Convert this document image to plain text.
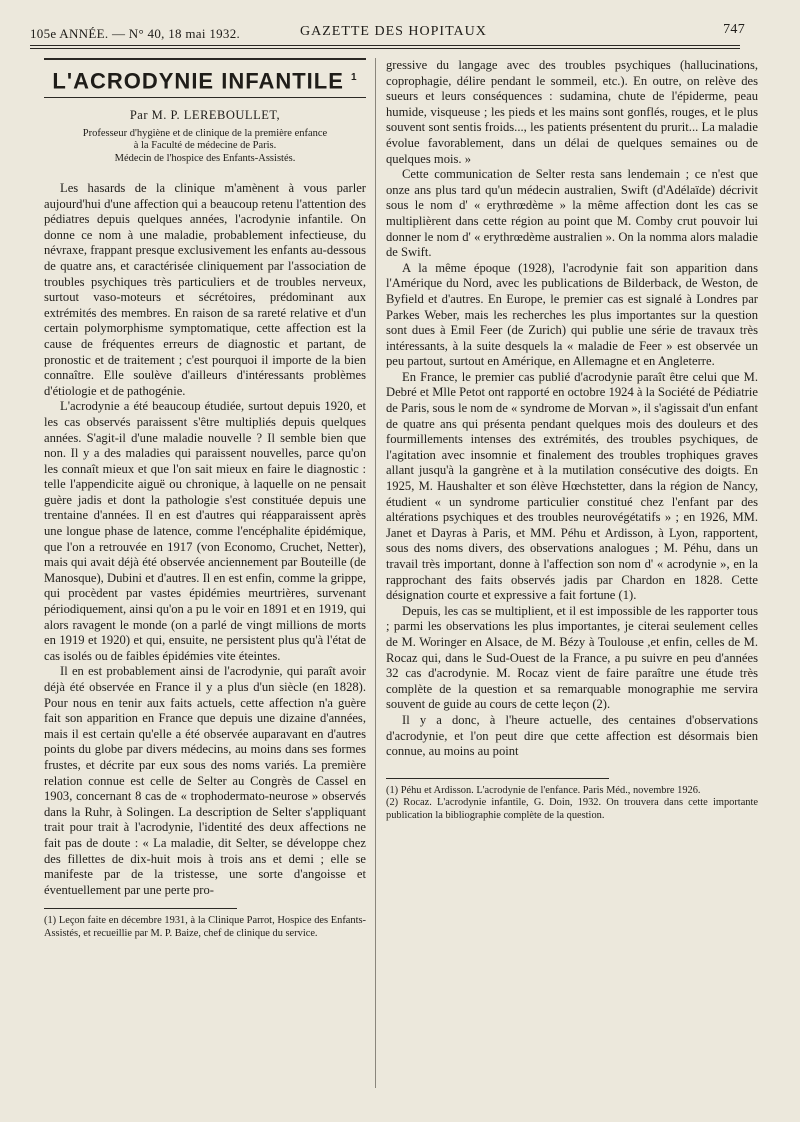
105e ANNÉE. — N° 40, 18 mai 1932.	GAZETTE DES HOPITAUX	747
L'ACRODYNIE INFANTILE $^1$
Par M. P. LEREBOULLET,
Professeur d'hygiène et de clinique de la première enfance
à la Faculté de médecine de Paris.
Médecin de l'hospice des Enfants-Assistés.

Les hasards de la clinique m'amènent à vous parler aujourd'hui d'une affection qui a beaucoup retenu l'attention des pédiatres depuis quelques années, l'acrodynie infantile. On donne ce nom à une maladie, probablement infectieuse, du névraxe, frappant presque exclusivement les enfants au-dessous de quatre ans, et caractérisée cliniquement par l'association de troubles psychiques très particuliers et de troubles nerveux, surtout vaso-moteurs et sécrétoires, prédominant aux extrémités des membres. En raison de sa rareté relative et d'un certain polymorphisme symptomatique, cette affection est la cause de fréquentes erreurs de diagnostic et partant, de pronostic et de traitement ; c'est pourquoi il importe de la bien connaître. Elle soulève d'ailleurs d'intéressants problèmes d'étiologie et de pathogénie.

L'acrodynie a été beaucoup étudiée, surtout depuis 1920, et les cas observés paraissent s'être multipliés depuis quelques années. S'agit-il d'une maladie nouvelle ? Il semble bien que non. Il y a des maladies qui paraissent nouvelles, parce qu'on les connaît mieux et que l'on sait mieux en faire le diagnostic : telle l'appendicite aiguë ou chronique, à laquelle on ne pensait guère jadis et dont la pathologie s'est constituée depuis une trentaine d'années. Il en est d'autres qui réapparaissent après une longue phase de latence, comme l'encéphalite épidémique, que l'on a retrouvée en 1917 (von Economo, Cruchet, Netter), mais qui avait déjà été observée anciennement par Bouteille (de Manosque), Dubini et d'autres. Il en est enfin, comme la grippe, qui procèdent par vastes épidémies meurtrières, survenant périodiquement, ainsi qu'on a pu le voir en 1891 et en 1919, qui alors ravagent le monde (on a parlé de vingt millions de morts en 1919 et 1920) et qui, ensuite, ne persistent plus qu'à l'état de cas isolés ou de faibles épidémies vite éteintes.

Il en est probablement ainsi de l'acrodynie, qui paraît avoir déjà été observée en France il y a plus d'un siècle (en 1828). Pour nous en tenir aux faits actuels, cette affection n'a guère fait son apparition en France que depuis une dizaine d'années, mais il est certain qu'elle a été observée auparavant en d'autres points du globe par divers médecins, au moins dans ses formes frustes, et décrite par eux sous des noms variés. La première relation connue est celle de Selter au Congrès de Cassel en 1903, concernant 8 cas de « trophodermato-neurose » observés dans la Ruhr, à Solingen. La description de Selter s'appliquant trait pour trait à l'acrodynie, l'identité des deux affections ne fait pas de doute : « La maladie, dit Selter, se développe chez des fillettes de dix-huit mois à trois ans et demi ; elle se manifeste par de la tristesse, une sorte d'angoisse et éventuellement par une perte pro-

(1) Leçon faite en décembre 1931, à la Clinique Parrot, Hospice des Enfants-Assistés, et recueillie par M. P. Baize, chef de clinique du service.

gressive du langage avec des troubles psychiques (hallucinations, coprophagie, délire pendant le sommeil, etc.). En outre, on relève des sueurs et leurs conséquences : sudamina, chute de l'épiderme, peau humide, visqueuse ; les pieds et les mains sont gonflés, rouges, et le plus souvent sont sentis froids..., les patients présentent du prurit... La maladie évolue favorablement, dans un délai de quelques semaines ou de quelques mois. »

Cette communication de Selter resta sans lendemain ; ce n'est que onze ans plus tard qu'un médecin australien, Swift (d'Adélaïde) décrivit sous le nom d' « erythrœdème » la même affection dont les cas se multiplièrent dans cette région au point que M. Comby crut pouvoir lui donner le nom d' « erythrœdème australien ». On la nomma alors maladie de Swift.

A la même époque (1928), l'acrodynie fait son apparition dans l'Amérique du Nord, avec les publications de Bilderback, de Weston, de Byfield et d'autres. En Europe, le premier cas est signalé à Londres par Parkes Weber, mais les recherches les plus importantes sur la question sont dues à Emil Feer (de Zurich) qui publie une série de travaux très intéressants, à la suite desquels la « maladie de Feer » est observée un peu partout, surtout en Amérique, en Allemagne et en Angleterre.

En France, le premier cas publié d'acrodynie paraît être celui que M. Debré et Mlle Petot ont rapporté en octobre 1924 à la Société de Pédiatrie de Paris, sous le nom de « syndrome de Morvan », il s'agissait d'un enfant de quatre ans qui présenta pendant quelques mois des douleurs et des fourmillements intenses des extrémités, des troubles psychiques, de l'agitation avec insomnie et finalement des troubles trophiques graves allant jusqu'à la gangrène et à la mutilation consécutive des doigts. En 1925, M. Haushalter et son élève Hœchstetter, dans la région de Nancy, étudient « un syndrome particulier constitué chez l'enfant par des altérations psychiques et des troubles neurovégétatifs » ; en 1926, MM. Janet et Dayras à Paris, et MM. Péhu et Ardisson, à Lyon, rapportent, sous des noms divers, des observations analogues ; M. Péhu, dans un travail très important, donne à l'affection son nom d' « acrodynie », en la rapprochant des faits observés jadis par Chardon en 1828. Cette désignation courte et expressive a fait fortune (1).

Depuis, les cas se multiplient, et il est impossible de les rapporter tous ; parmi les observations les plus importantes, je citerai seulement celles de M. Woringer en Alsace, de M. Bézy à Toulouse ,et enfin, celles de M. Rocaz qui, dans le Sud-Ouest de la France, a pu suivre en peu d'années 32 cas d'acrodynie. M. Rocaz vient de faire paraître une étude très complète de la question et sa remarquable monographie me servira souvent de guide au cours de cette leçon (2).

Il y a donc, à l'heure actuelle, des centaines d'observations d'acrodynie, et l'on peut dire que cette affection est désormais bien connue, au moins au point

(1) Péhu et Ardisson. L'acrodynie de l'enfance. Paris Méd., novembre 1926.

(2) Rocaz. L'acrodynie infantile, G. Doin, 1932. On trouvera dans cette importante publication la bibliographie complète de la question.
